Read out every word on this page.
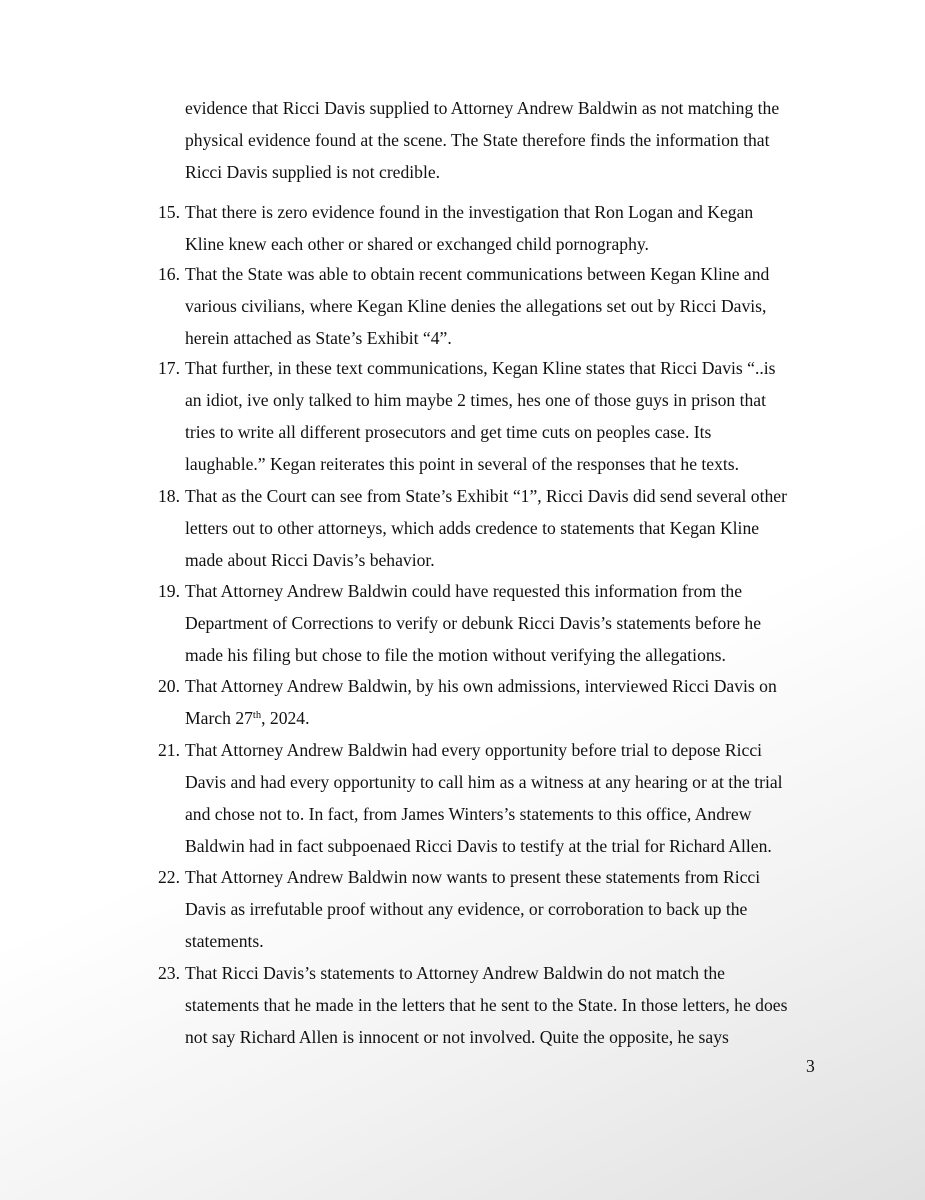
evidence that Ricci Davis supplied to Attorney Andrew Baldwin as not matching the
physical evidence found at the scene. The State therefore finds the information that
Ricci Davis supplied is not credible.
15. That there is zero evidence found in the investigation that Ron Logan and Kegan
Kline knew each other or shared or exchanged child pornography.
16. That the State was able to obtain recent communications between Kegan Kline and
various civilians, where Kegan Kline denies the allegations set out by Ricci Davis,
herein attached as State’s Exhibit “4”.
17. That further, in these text communications, Kegan Kline states that Ricci Davis “..is
an idiot, ive only talked to him maybe 2 times, hes one of those guys in prison that
tries to write all different prosecutors and get time cuts on peoples case. Its
laughable.” Kegan reiterates this point in several of the responses that he texts.
18. That as the Court can see from State’s Exhibit “1”, Ricci Davis did send several other
letters out to other attorneys, which adds credence to statements that Kegan Kline
made about Ricci Davis’s behavior.
19. That Attorney Andrew Baldwin could have requested this information from the
Department of Corrections to verify or debunk Ricci Davis’s statements before he
made his filing but chose to file the motion without verifying the allegations.
20. That Attorney Andrew Baldwin, by his own admissions, interviewed Ricci Davis on
March 27th, 2024.
21. That Attorney Andrew Baldwin had every opportunity before trial to depose Ricci
Davis and had every opportunity to call him as a witness at any hearing or at the trial
and chose not to. In fact, from James Winters’s statements to this office, Andrew
Baldwin had in fact subpoenaed Ricci Davis to testify at the trial for Richard Allen.
22. That Attorney Andrew Baldwin now wants to present these statements from Ricci
Davis as irrefutable proof without any evidence, or corroboration to back up the
statements.
23. That Ricci Davis’s statements to Attorney Andrew Baldwin do not match the
statements that he made in the letters that he sent to the State. In those letters, he does
not say Richard Allen is innocent or not involved. Quite the opposite, he says
3
